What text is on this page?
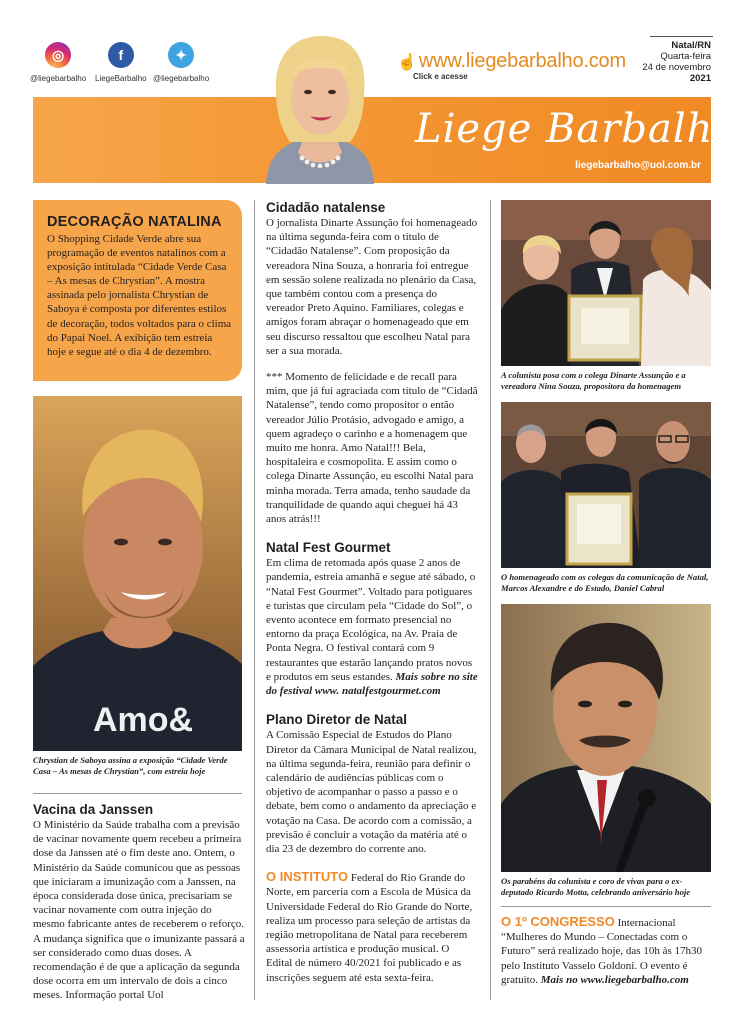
◎
@liegebarbalho
f
LiegeBarbalho
✦
@liegebarbalho
Liege Barbalho
liegebarbalho@uol.com.br
☝ www.liegebarbalho.com
Click e acesse
Natal/RN
Quarta-feira
24 de novembro
2021
DECORAÇÃO NATALINA

O Shopping Cidade Verde abre sua programação de eventos natalinos com a exposição intitulada “Cidade Verde Casa – As mesas de Chrystian”. A mostra assinada pelo jornalista Chrystian de Saboya é composta por diferentes estilos de decoração, todos voltados para o clima do Papai Noel. A exibição tem estreia hoje e segue até o dia 4 de dezembro.

Amo&
Chrystian de Saboya assina a exposição “Cidade Verde Casa – As mesas de Chrystian”, com estreia hoje
Vacina da Janssen

O Ministério da Saúde trabalha com a previsão de vacinar novamente quem recebeu a primeira dose da Janssen até o fim deste ano. Ontem, o Ministério da Saúde comunicou que as pessoas que iniciaram a imunização com a Janssen, na época considerada dose única, precisariam se vacinar novamente com outra injeção do mesmo fabricante antes de receberem o reforço. A mudança significa que o imunizante passará a ser considerado como duas doses. A recomendação é de que a aplicação da segunda dose ocorra em um intervalo de dois a cinco meses. Informação portal Uol

Cidadão natalense

O jornalista Dinarte Assunção foi homenageado na última segunda-feira com o título de “Cidadão Natalense”. Com proposição da vereadora Nina Souza, a honraria foi entregue em sessão solene realizada no plenário da Casa, que também contou com a presença do vereador Preto Aquino. Familiares, colegas e amigos foram abraçar o homenageado que em seu discurso ressaltou que escolheu Natal para ser a sua morada.

*** Momento de felicidade e de recall para mim, que já fui agraciada com título de “Cidadã Natalense”, tendo como propositor o então vereador Júlio Protásio, advogado e amigo, a quem agradeço o carinho e a homenagem que muito me honra. Amo Natal!!! Bela, hospitaleira e cosmopolita. E assim como o colega Dinarte Assunção, eu escolhi Natal para minha morada. Terra amada, tenho saudade da tranquilidade de quando aqui cheguei há 43 anos atrás!!!

Natal Fest Gourmet

Em clima de retomada após quase 2 anos de pandemia, estreia amanhã e segue até sábado, o “Natal Fest Gourmet”. Voltado para potiguares e turistas que circulam pela “Cidade do Sol”, o evento acontece em formato presencial no entorno da praça Ecológica, na Av. Praia de Ponta Negra. O festival contará com 9 restaurantes que estarão lançando pratos novos e produtos em seus estandes. Mais sobre no site do festival www. natalfestgourmet.com

Plano Diretor de Natal

A Comissão Especial de Estudos do Plano Diretor da Câmara Municipal de Natal realizou, na última segunda-feira, reunião para definir o calendário de audiências públicas com o objetivo de acompanhar o passo a passo e o debate, bem como o andamento da apreciação e votação na Casa. De acordo com a comissão, a previsão é concluir a votação da matéria até o dia 23 de dezembro do corrente ano.

O INSTITUTO Federal do Rio Grande do Norte, em parceria com a Escola de Música da Universidade Federal do Rio Grande do Norte, realiza um processo para seleção de artistas da região metropolitana de Natal para receberem assessoria artística e produção musical. O Edital de número 40/2021 foi publicado e as inscrições seguem até esta sexta-feira.

A colunista posa com o colega Dinarte Assunção e a vereadora Nina Souza, propositora da homenagem
O homenageado com os colegas da comunicação de Natal, Marcos Alexandre e do Estado, Daniel Cabral
Os parabéns da colunista e coro de vivas para o ex-deputado Ricardo Motta, celebrando aniversário hoje

O 1º CONGRESSO Internacional “Mulheres do Mundo – Conectadas com o Futuro” será realizado hoje, das 10h às 17h30 pelo Instituto Vasselo Goldoni. O evento é gratuito. Mais no www.liegebarbalho.com
